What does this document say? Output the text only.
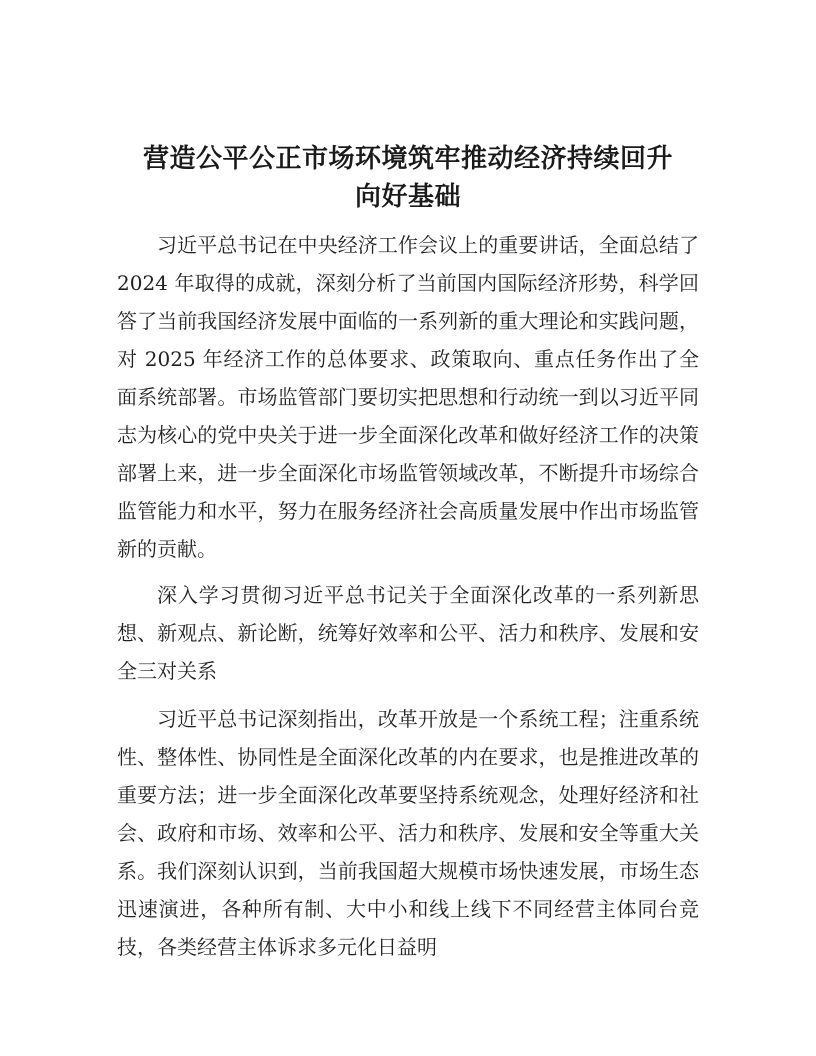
营造公平公正市场环境筑牢推动经济持续回升
向好基础

习近平总书记在中央经济工作会议上的重要讲话，全面总结了 2024 年取得的成就，深刻分析了当前国内国际经济形势，科学回答了当前我国经济发展中面临的一系列新的重大理论和实践问题，对 2025 年经济工作的总体要求、政策取向、重点任务作出了全面系统部署。市场监管部门要切实把思想和行动统一到以习近平同志为核心的党中央关于进一步全面深化改革和做好经济工作的决策部署上来，进一步全面深化市场监管领域改革，不断提升市场综合监管能力和水平，努力在服务经济社会高质量发展中作出市场监管新的贡献。

深入学习贯彻习近平总书记关于全面深化改革的一系列新思想、新观点、新论断，统筹好效率和公平、活力和秩序、发展和安全三对关系

习近平总书记深刻指出，改革开放是一个系统工程；注重系统性、整体性、协同性是全面深化改革的内在要求，也是推进改革的重要方法；进一步全面深化改革要坚持系统观念，处理好经济和社会、政府和市场、效率和公平、活力和秩序、发展和安全等重大关系。我们深刻认识到，当前我国超大规模市场快速发展，市场生态迅速演进，各种所有制、大中小和线上线下不同经营主体同台竞技，各类经营主体诉求多元化日益明
